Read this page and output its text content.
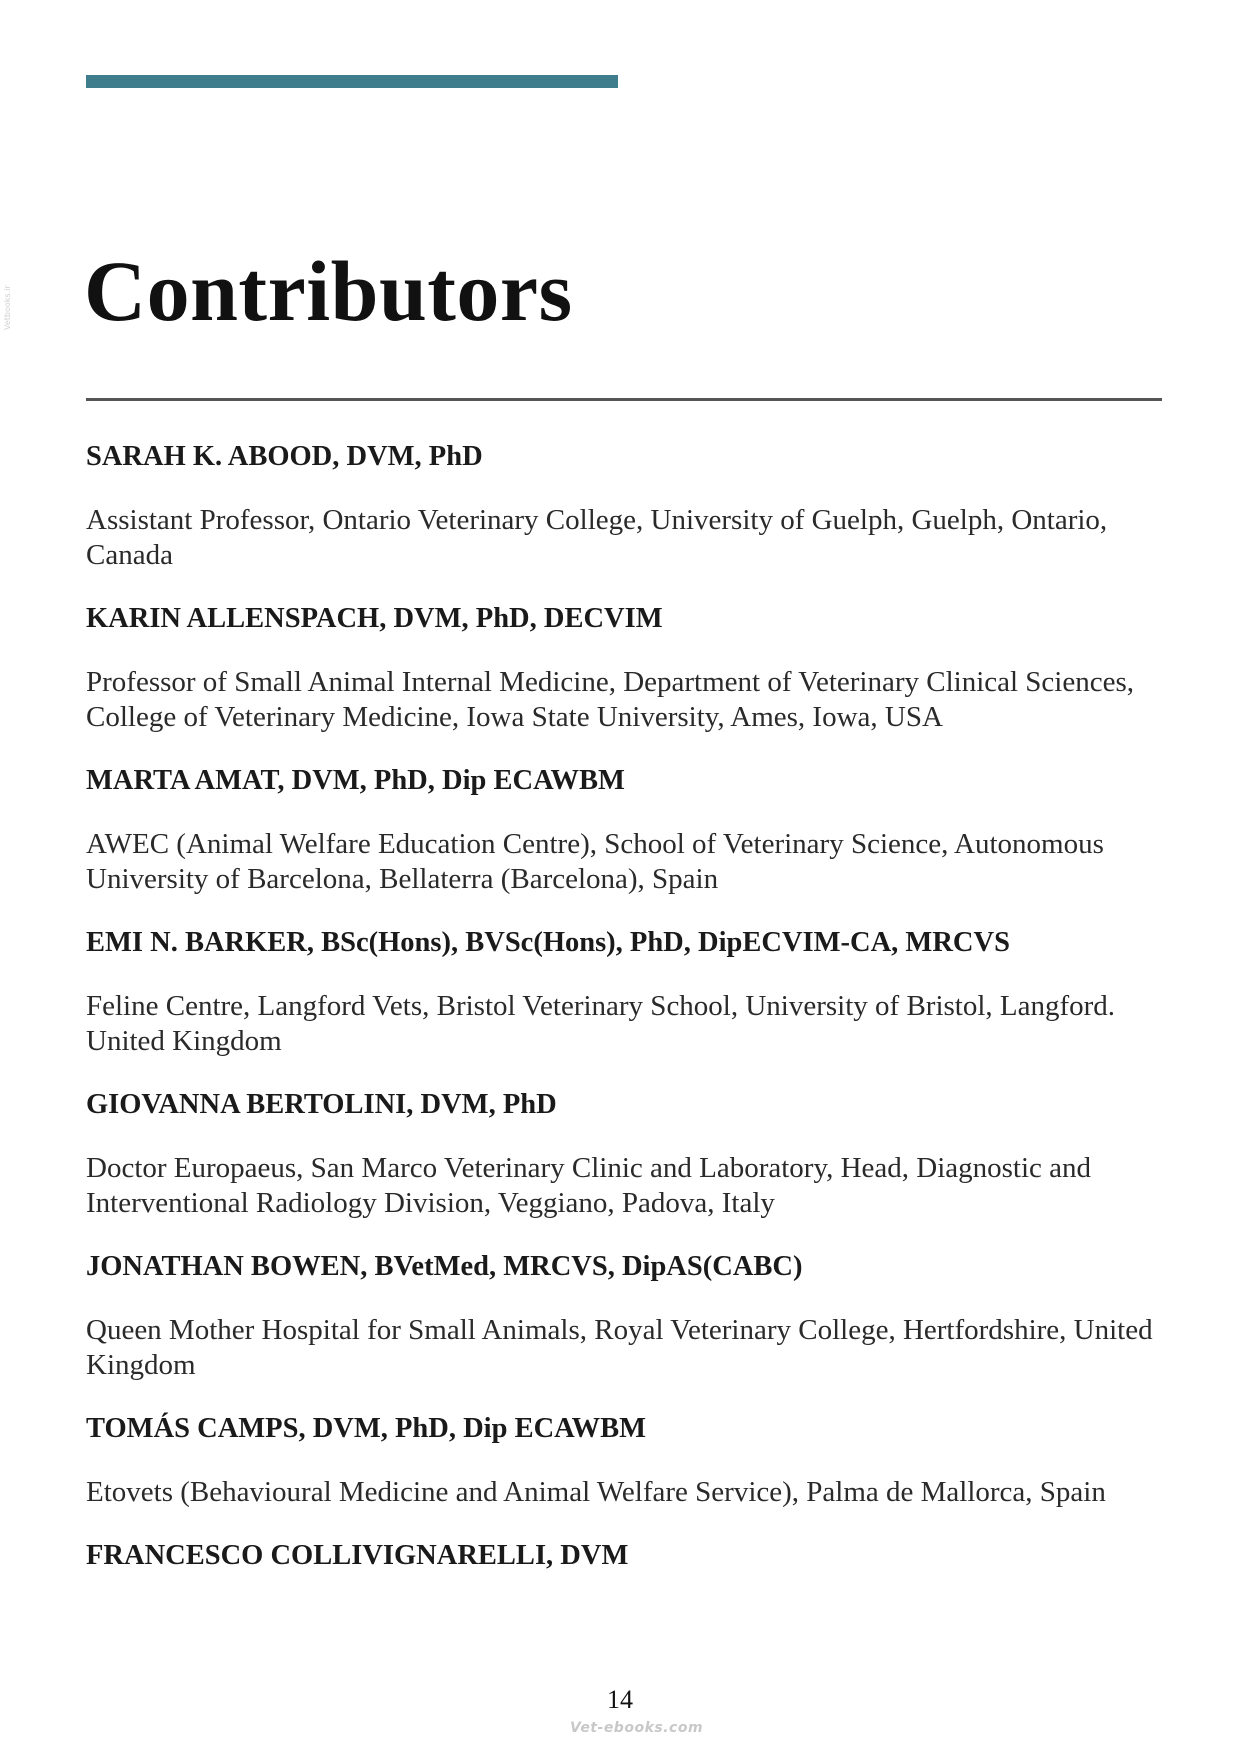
Vetbooks.ir Contributors
SARAH K. ABOOD, DVM, PhD
Assistant Professor, Ontario Veterinary College, University of Guelph, Guelph, Ontario, Canada
KARIN ALLENSPACH, DVM, PhD, DECVIM
Professor of Small Animal Internal Medicine, Department of Veterinary Clinical Sciences, College of Veterinary Medicine, Iowa State University, Ames, Iowa, USA
MARTA AMAT, DVM, PhD, Dip ECAWBM
AWEC (Animal Welfare Education Centre), School of Veterinary Science, Autonomous University of Barcelona, Bellaterra (Barcelona), Spain
EMI N. BARKER, BSc(Hons), BVSc(Hons), PhD, DipECVIM-CA, MRCVS
Feline Centre, Langford Vets, Bristol Veterinary School, University of Bristol, Langford. United Kingdom
GIOVANNA BERTOLINI, DVM, PhD
Doctor Europaeus, San Marco Veterinary Clinic and Laboratory, Head, Diagnostic and Interventional Radiology Division, Veggiano, Padova, Italy
JONATHAN BOWEN, BVetMed, MRCVS, DipAS(CABC)
Queen Mother Hospital for Small Animals, Royal Veterinary College, Hertfordshire, United Kingdom
TOMÁS CAMPS, DVM, PhD, Dip ECAWBM
Etovets (Behavioural Medicine and Animal Welfare Service), Palma de Mallorca, Spain
FRANCESCO COLLIVIGNARELLI, DVM
14
Vet-ebooks.com
